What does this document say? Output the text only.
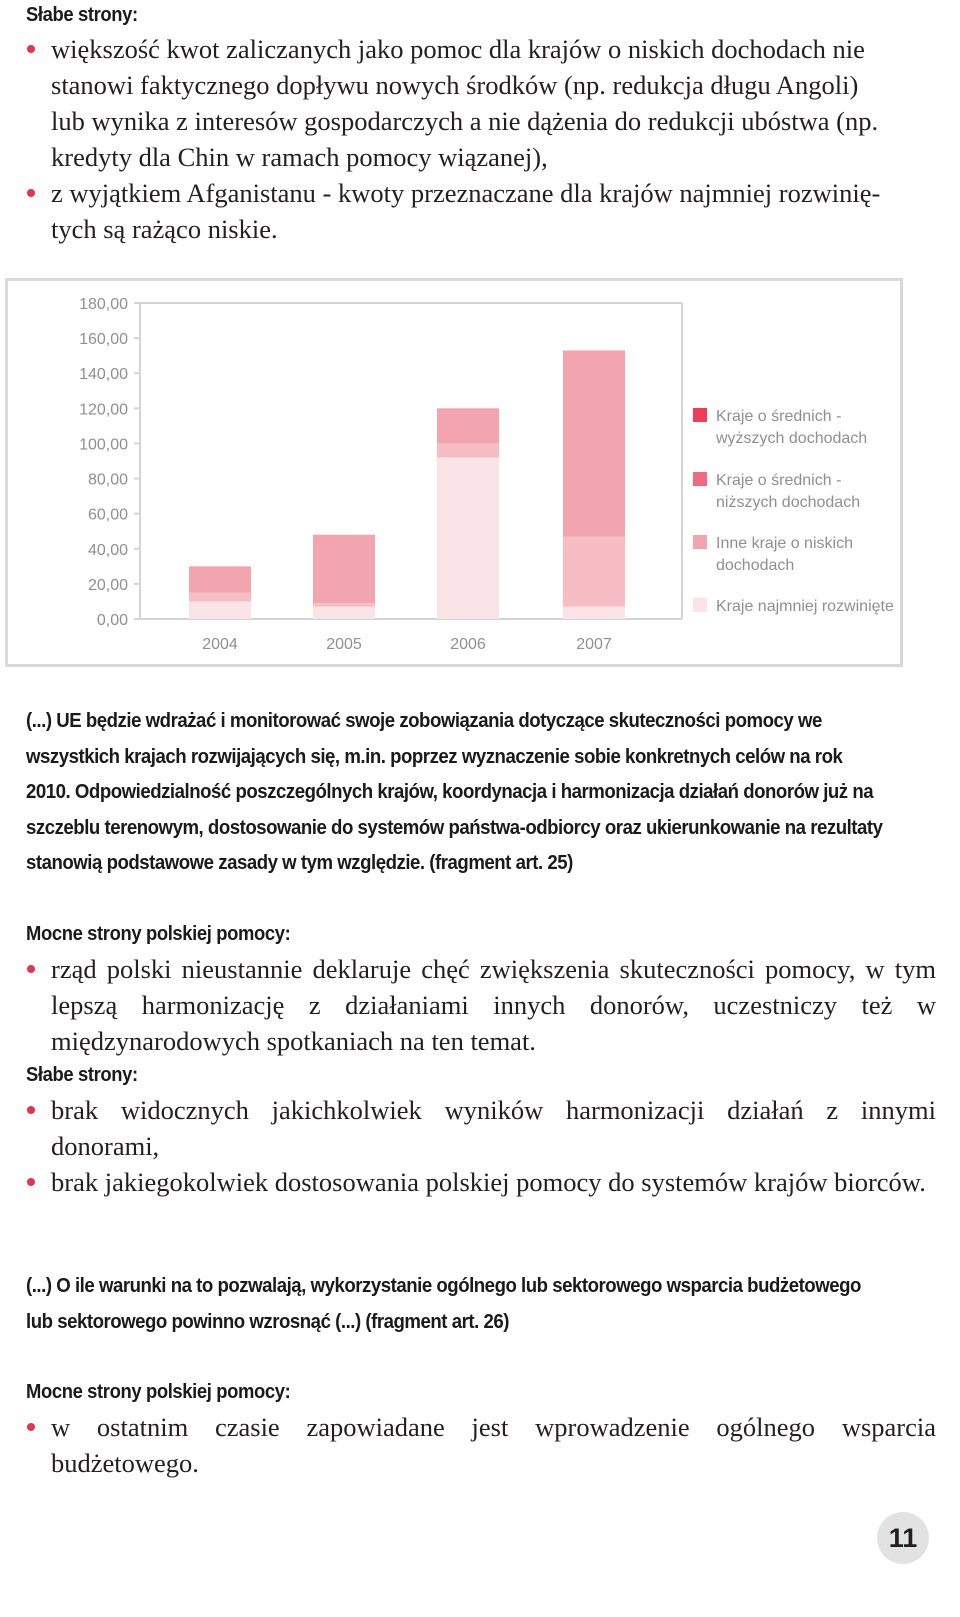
Słabe strony:
większość kwot zaliczanych jako pomoc dla krajów o niskich dochodach nie
stanowi faktycznego dopływu nowych środków (np. redukcja długu Angoli)
lub wynika z interesów gospodarczych a nie dążenia do redukcji ubóstwa (np.
kredyty dla Chin w ramach pomocy wiązanej),
z wyjątkiem Afganistanu - kwoty przeznaczane dla krajów najmniej rozwinię-
tych są rażąco niskie.
180,00
160,00
140,00
120,00
100,00
80,00
60,00
40,00
20,00
0,00
2004	2005	2006	2007
Kraje o średnich -
wyższych dochodach
Kraje o średnich -
niższych dochodach
Inne kraje o niskich
dochodach
Kraje najmniej rozwinięte
(...) UE będzie wdrażać i monitorować swoje zobowiązania dotyczące skuteczności pomocy we wszystkich krajach rozwijających się, m.in. poprzez wyznaczenie sobie konkretnych celów na rok 2010. Odpowiedzialność poszczególnych krajów, koordynacja i harmonizacja działań donorów już na szczeblu terenowym, dostosowanie do systemów państwa-odbiorcy oraz ukierunkowanie na rezultaty stanowią podstawowe zasady w tym względzie. (fragment art. 25)
Mocne strony polskiej pomocy:
rząd polski nieustannie deklaruje chęć zwiększenia skuteczności pomocy, w tym lepszą harmonizację z działaniami innych donorów, uczestniczy też w międzynarodowych spotkaniach na ten temat.
Słabe strony:
brak widocznych jakichkolwiek wyników harmonizacji działań z innymi donorami,
brak jakiegokolwiek dostosowania polskiej pomocy do systemów krajów biorców.
(...) O ile warunki na to pozwalają, wykorzystanie ogólnego lub sektorowego wsparcia budżetowego lub sektorowego powinno wzrosnąć (...) (fragment art. 26)
Mocne strony polskiej pomocy:
w ostatnim czasie zapowiadane jest wprowadzenie ogólnego wsparcia budżetowego.
11
